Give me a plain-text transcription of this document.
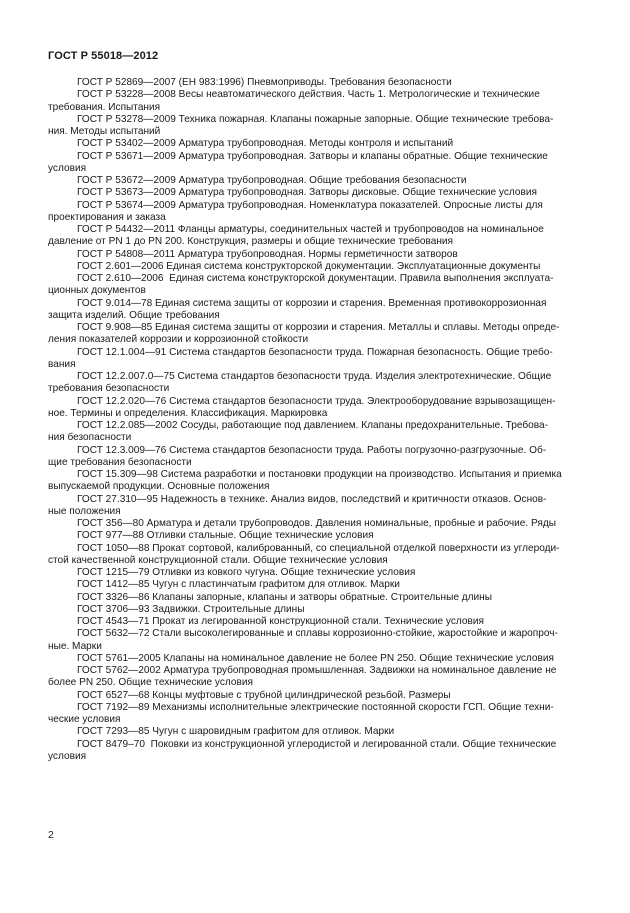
ГОСТ Р 55018—2012

ГОСТ Р 52869—2007 (ЕН 983:1996) Пневмоприводы. Требования безопасности

ГОСТ Р 53228—2008 Весы неавтоматического действия. Часть 1. Метрологические и технические
требования. Испытания

ГОСТ Р 53278—2009 Техника пожарная. Клапаны пожарные запорные. Общие технические требова-
ния. Методы испытаний

ГОСТ Р 53402—2009 Арматура трубопроводная. Методы контроля и испытаний

ГОСТ Р 53671—2009 Арматура трубопроводная. Затворы и клапаны обратные. Общие технические
условия

ГОСТ Р 53672—2009 Арматура трубопроводная. Общие требования безопасности

ГОСТ Р 53673—2009 Арматура трубопроводная. Затворы дисковые. Общие технические условия

ГОСТ Р 53674—2009 Арматура трубопроводная. Номенклатура показателей. Опросные листы для
проектирования и заказа

ГОСТ Р 54432—2011 Фланцы арматуры, соединительных частей и трубопроводов на номинальное
давление от PN 1 до PN 200. Конструкция, размеры и общие технические требования

ГОСТ Р 54808—2011 Арматура трубопроводная. Нормы герметичности затворов

ГОСТ 2.601—2006 Единая система конструкторской документации. Эксплуатационные документы

ГОСТ 2.610—2006  Единая система конструкторской документации. Правила выполнения эксплуата-
ционных документов

ГОСТ 9.014—78 Единая система защиты от коррозии и старения. Временная противокоррозионная
защита изделий. Общие требования

ГОСТ 9.908—85 Единая система защиты от коррозии и старения. Металлы и сплавы. Методы опреде-
ления показателей коррозии и коррозионной стойкости

ГОСТ 12.1.004—91 Система стандартов безопасности труда. Пожарная безопасность. Общие требо-
вания

ГОСТ 12.2.007.0—75 Система стандартов безопасности труда. Изделия электротехнические. Общие
требования безопасности

ГОСТ 12.2.020—76 Система стандартов безопасности труда. Электрооборудование взрывозащищен-
ное. Термины и определения. Классификация. Маркировка

ГОСТ 12.2.085—2002 Сосуды, работающие под давлением. Клапаны предохранительные. Требова-
ния безопасности

ГОСТ 12.3.009—76 Система стандартов безопасности труда. Работы погрузочно-разгрузочные. Об-
щие требования безопасности

ГОСТ 15.309—98 Система разработки и постановки продукции на производство. Испытания и приемка
выпускаемой продукции. Основные положения

ГОСТ 27.310—95 Надежность в технике. Анализ видов, последствий и критичности отказов. Основ-
ные положения

ГОСТ 356—80 Арматура и детали трубопроводов. Давления номинальные, пробные и рабочие. Ряды

ГОСТ 977—88 Отливки стальные. Общие технические условия

ГОСТ 1050—88 Прокат сортовой, калиброванный, со специальной отделкой поверхности из углероди-
стой качественной конструкционной стали. Общие технические условия

ГОСТ 1215—79 Отливки из ковкого чугуна. Общие технические условия

ГОСТ 1412—85 Чугун с пластинчатым графитом для отливок. Марки

ГОСТ 3326—86 Клапаны запорные, клапаны и затворы обратные. Строительные длины

ГОСТ 3706—93 Задвижки. Строительные длины

ГОСТ 4543—71 Прокат из легированной конструкционной стали. Технические условия

ГОСТ 5632—72 Стали высоколегированные и сплавы коррозионно-стойкие, жаростойкие и жаропроч-
ные. Марки

ГОСТ 5761—2005 Клапаны на номинальное давление не более PN 250. Общие технические условия

ГОСТ 5762—2002 Арматура трубопроводная промышленная. Задвижки на номинальное давление не
более PN 250. Общие технические условия

ГОСТ 6527—68 Концы муфтовые с трубной цилиндрической резьбой. Размеры

ГОСТ 7192—89 Механизмы исполнительные электрические постоянной скорости ГСП. Общие техни-
ческие условия

ГОСТ 7293—85 Чугун с шаровидным графитом для отливок. Марки

ГОСТ 8479–70  Поковки из конструкционной углеродистой и легированной стали. Общие технические
условия

2
